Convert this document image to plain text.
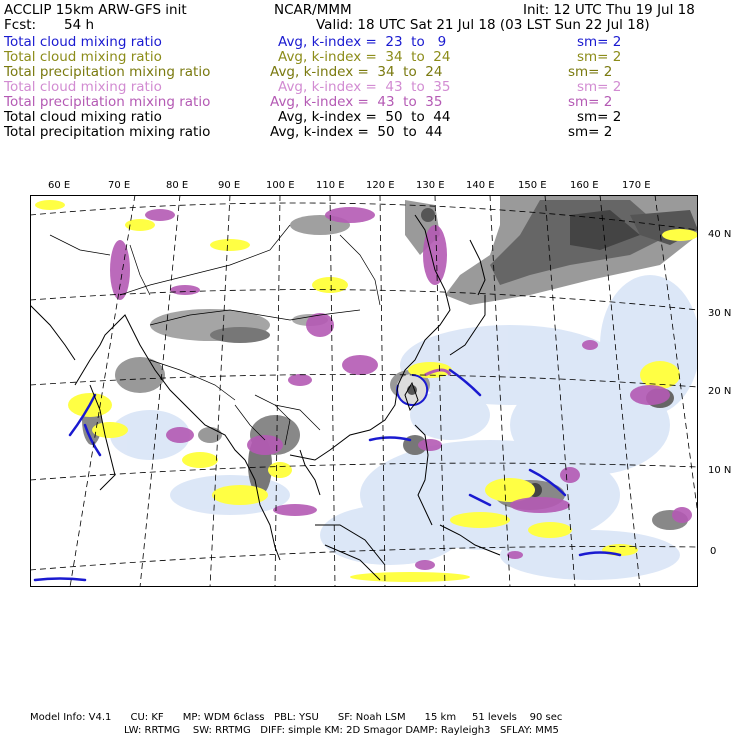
ACCLIP 15km ARW-GFS init
Fcst: 54 h
NCAR/MMM	Init: 12 UTC Thu 19 Jul 18
Valid: 18 UTC Sat 21 Jul 18 (03 LST Sun 22 Jul 18)
Total cloud mixing ratio	Avg, k-index =  23  to   9	sm= 2
Total cloud mixing ratio	Avg, k-index =  34  to  24	sm= 2
Total precipitation mixing ratio	Avg, k-index =  34  to  24	sm= 2
Total cloud mixing ratio	Avg, k-index =  43  to  35	sm= 2
Total precipitation mixing ratio	Avg, k-index =  43  to  35	sm= 2
Total cloud mixing ratio	Avg, k-index =  50  to  44	sm= 2
Total precipitation mixing ratio	Avg, k-index =  50  to  44	sm= 2
60 E	70 E	80 E	90 E	100 E 110 E 120 E 130 E 140 E 150 E 160 E 170 E
40 N
30 N
20 N
10 N
0
Model Info: V4.1      CU: KF      MP: WDM 6class   PBL: YSU      SF: Noah LSM      15 km     51 levels    90 sec
LW: RRTMG    SW: RRTMG   DIFF: simple KM: 2D Smagor DAMP: Rayleigh3   SFLAY: MM5
